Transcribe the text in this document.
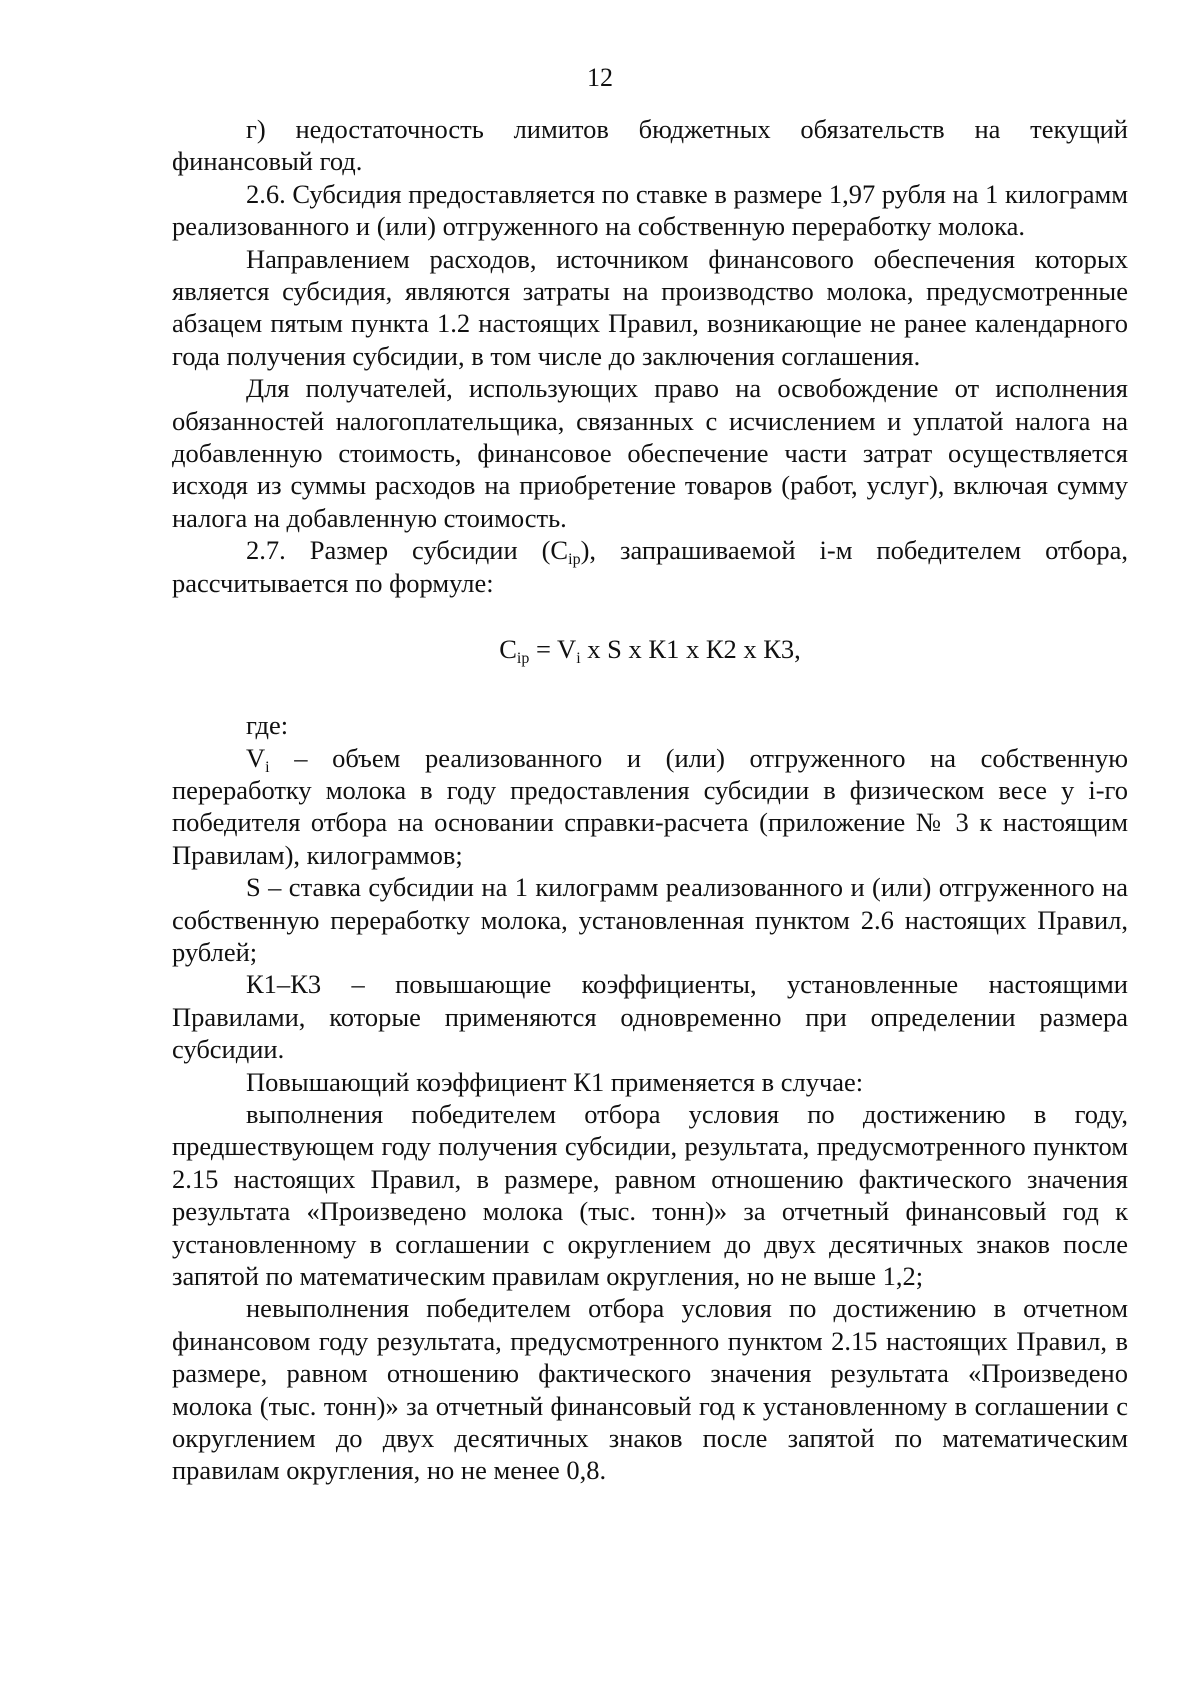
12

г) недостаточность лимитов бюджетных обязательств на текущий финансовый год.

2.6. Субсидия предоставляется по ставке в размере 1,97 рубля на 1 килограмм реализованного и (или) отгруженного на собственную переработку молока.

Направлением расходов, источником финансового обеспечения которых является субсидия, являются затраты на производство молока, предусмотренные абзацем пятым пункта 1.2 настоящих Правил, возникающие не ранее календарного года получения субсидии, в том числе до заключения соглашения.

Для получателей, использующих право на освобождение от исполнения обязанностей налогоплательщика, связанных с исчислением и уплатой налога на добавленную стоимость, финансовое обеспечение части затрат осуществляется исходя из суммы расходов на приобретение товаров (работ, услуг), включая сумму налога на добавленную стоимость.

2.7. Размер субсидии $(С_{ip})$, запрашиваемой i-м победителем отбора, рассчитывается по формуле:

$С_{ip} = V_i$ х S х К1 х К2 х К3,

где:

$V_i$ – объем реализованного и (или) отгруженного на собственную переработку молока в году предоставления субсидии в физическом весе у i-го победителя отбора на основании справки-расчета (приложение № 3 к настоящим Правилам), килограммов;

S – ставка субсидии на 1 килограмм реализованного и (или) отгруженного на собственную переработку молока, установленная пунктом 2.6 настоящих Правил, рублей;

К1–К3 – повышающие коэффициенты, установленные настоящими Правилами, которые применяются одновременно при определении размера субсидии.

Повышающий коэффициент К1 применяется в случае:

выполнения победителем отбора условия по достижению в году, предшествующем году получения субсидии, результата, предусмотренного пунктом 2.15 настоящих Правил, в размере, равном отношению фактического значения результата «Произведено молока (тыс. тонн)» за отчетный финансовый год к установленному в соглашении с округлением до двух десятичных знаков после запятой по математическим правилам округления, но не выше 1,2;

невыполнения победителем отбора условия по достижению в отчетном финансовом году результата, предусмотренного пунктом 2.15 настоящих Правил, в размере, равном отношению фактического значения результата «Произведено молока (тыс. тонн)» за отчетный финансовый год к установленному в соглашении с округлением до двух десятичных знаков после запятой по математическим правилам округления, но не менее 0,8.
